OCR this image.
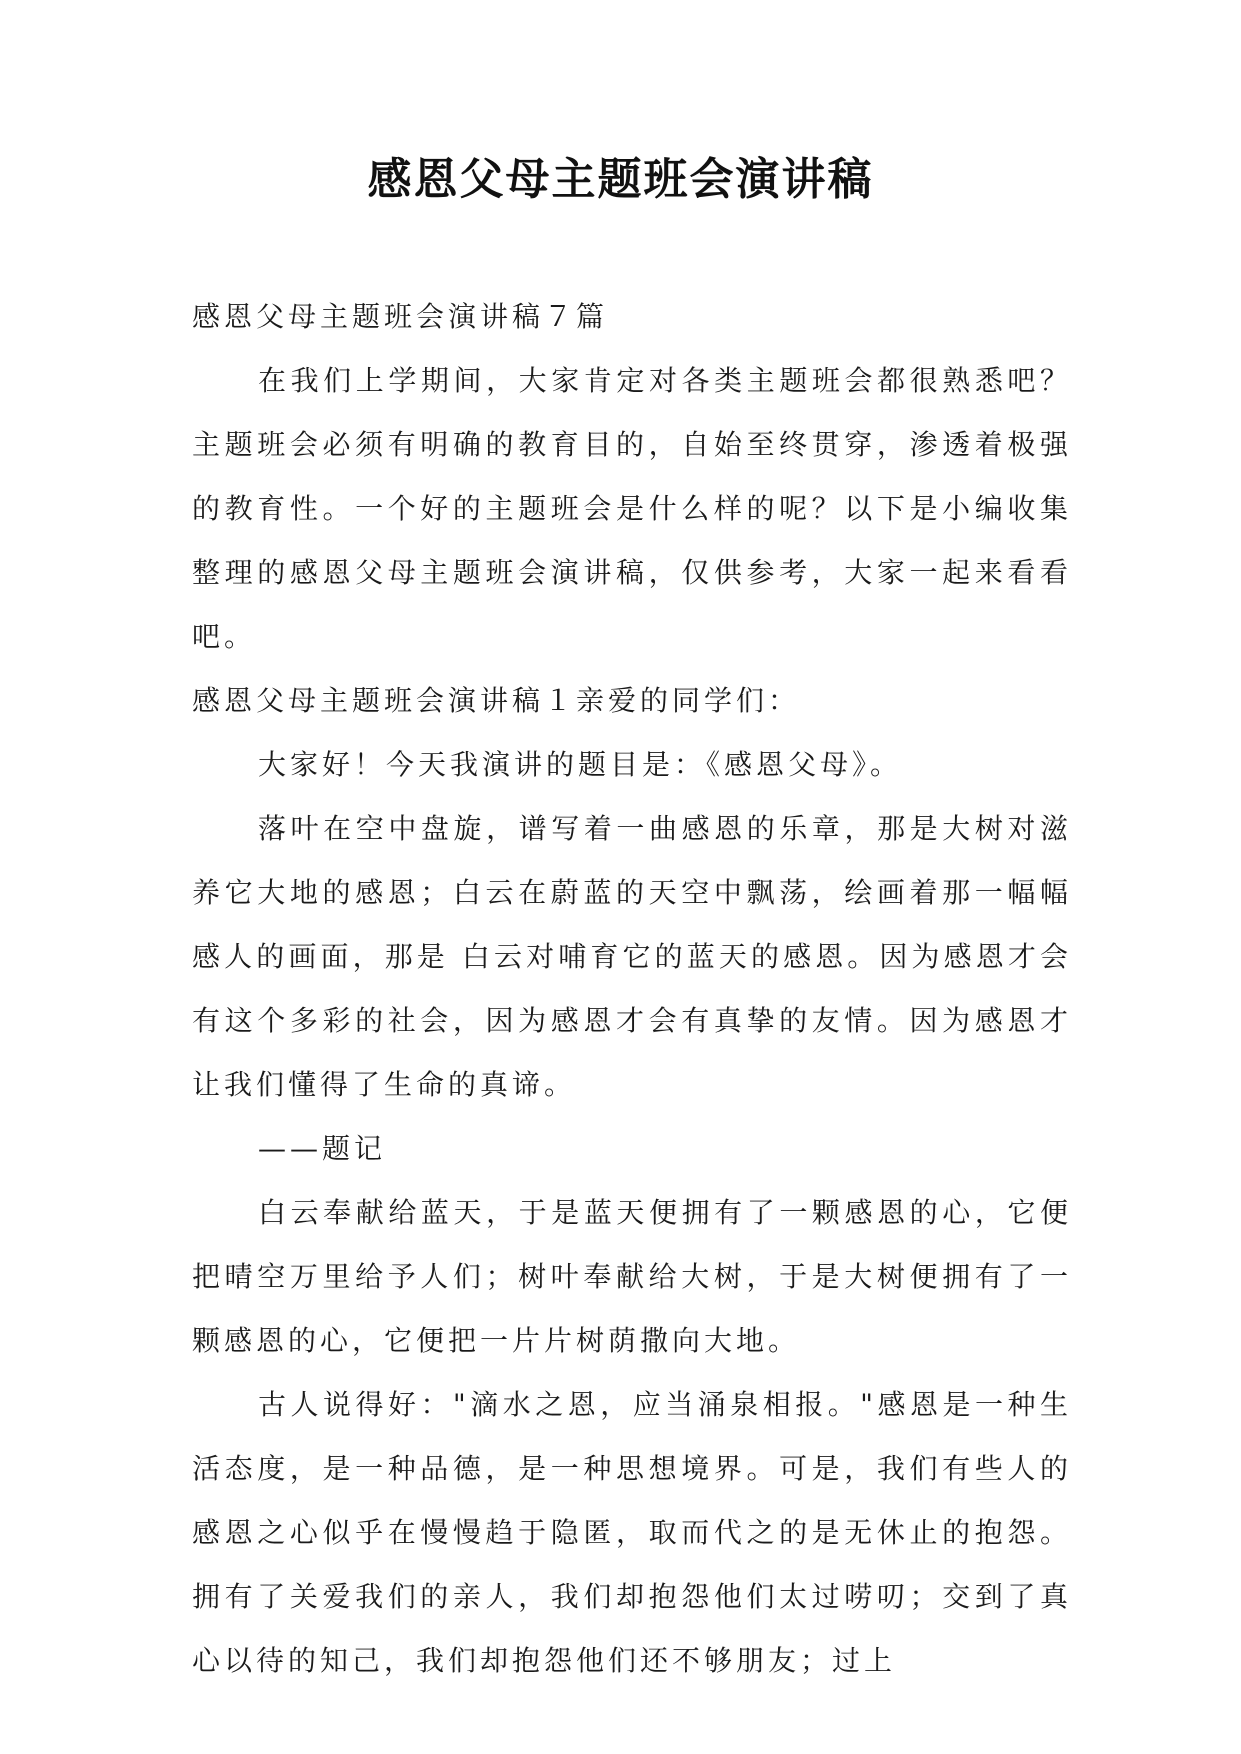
感恩父母主题班会演讲稿

感恩父母主题班会演讲稿７篇

在我们上学期间，大家肯定对各类主题班会都很熟悉吧？主题班会必须有明确的教育目的，自始至终贯穿，渗透着极强的教育性。一个好的主题班会是什么样的呢？以下是小编收集整理的感恩父母主题班会演讲稿，仅供参考，大家一起来看看吧。

感恩父母主题班会演讲稿１亲爱的同学们：

大家好！今天我演讲的题目是：《感恩父母》。

落叶在空中盘旋，谱写着一曲感恩的乐章，那是大树对滋养它大地的感恩；白云在蔚蓝的天空中飘荡，绘画着那一幅幅感人的画面，那是 白云对哺育它的蓝天的感恩。因为感恩才会有这个多彩的社会，因为感恩才会有真挚的友情。因为感恩才让我们懂得了生命的真谛。

——题记

白云奉献给蓝天，于是蓝天便拥有了一颗感恩的心，它便把晴空万里给予人们；树叶奉献给大树，于是大树便拥有了一颗感恩的心，它便把一片片树荫撒向大地。

古人说得好："滴水之恩，应当涌泉相报。"感恩是一种生活态度，是一种品德，是一种思想境界。可是，我们有些人的感恩之心似乎在慢慢趋于隐匿，取而代之的是无休止的抱怨。拥有了关爱我们的亲人，我们却抱怨他们太过唠叨；交到了真心以待的知己，我们却抱怨他们还不够朋友；过上
